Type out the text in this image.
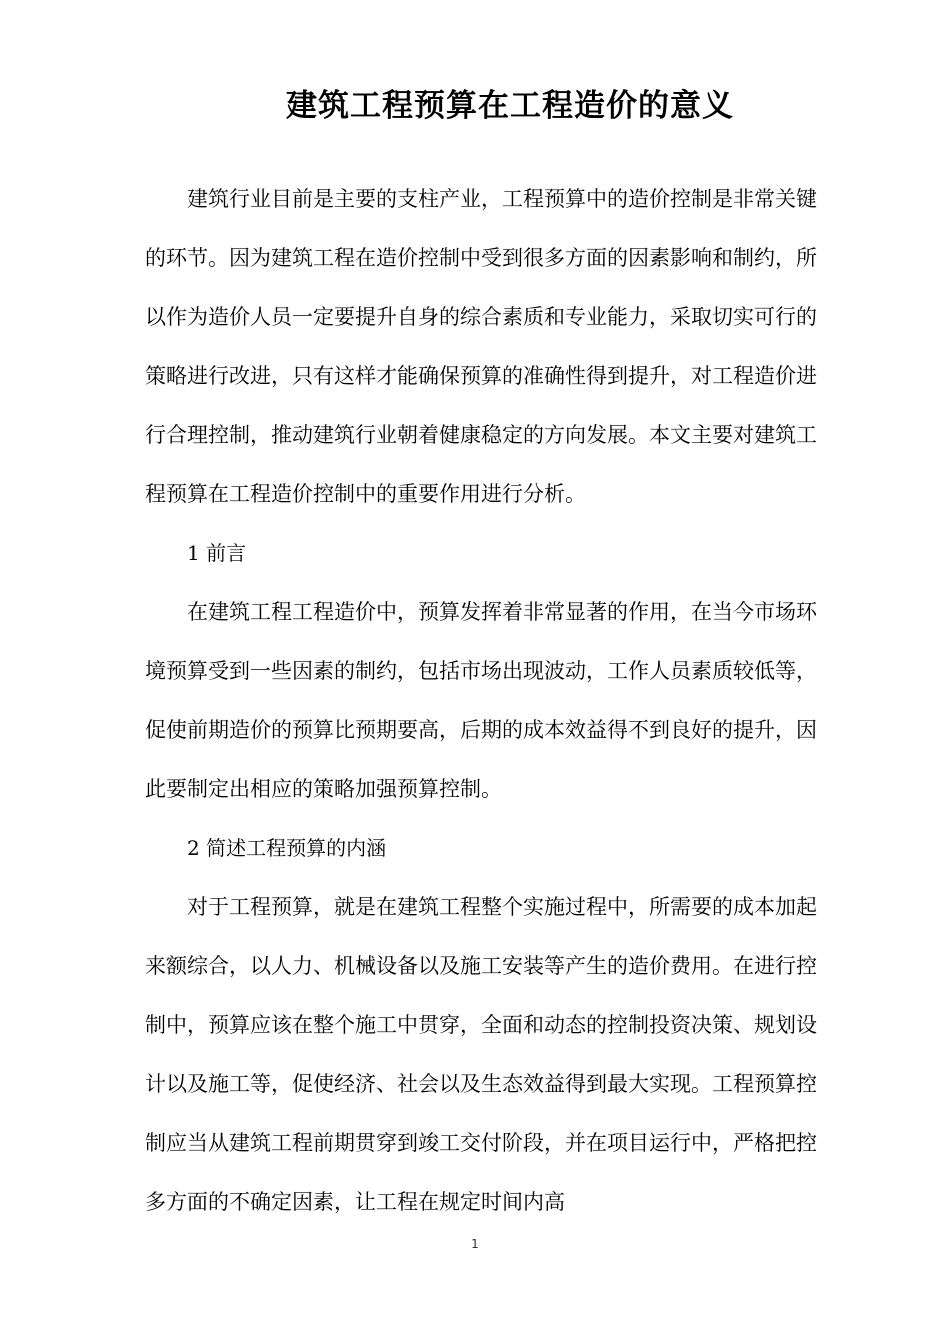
建筑工程预算在工程造价的意义

建筑行业目前是主要的支柱产业，工程预算中的造价控制是非常关键的环节。因为建筑工程在造价控制中受到很多方面的因素影响和制约，所以作为造价人员一定要提升自身的综合素质和专业能力，采取切实可行的策略进行改进，只有这样才能确保预算的准确性得到提升，对工程造价进行合理控制，推动建筑行业朝着健康稳定的方向发展。本文主要对建筑工程预算在工程造价控制中的重要作用进行分析。

1 前言

在建筑工程工程造价中，预算发挥着非常显著的作用，在当今市场环境预算受到一些因素的制约，包括市场出现波动，工作人员素质较低等，促使前期造价的预算比预期要高，后期的成本效益得不到良好的提升，因此要制定出相应的策略加强预算控制。

2 简述工程预算的内涵

对于工程预算，就是在建筑工程整个实施过程中，所需要的成本加起来额综合，以人力、机械设备以及施工安装等产生的造价费用。在进行控制中，预算应该在整个施工中贯穿，全面和动态的控制投资决策、规划设计以及施工等，促使经济、社会以及生态效益得到最大实现。工程预算控制应当从建筑工程前期贯穿到竣工交付阶段，并在项目运行中，严格把控多方面的不确定因素，让工程在规定时间内高

1
